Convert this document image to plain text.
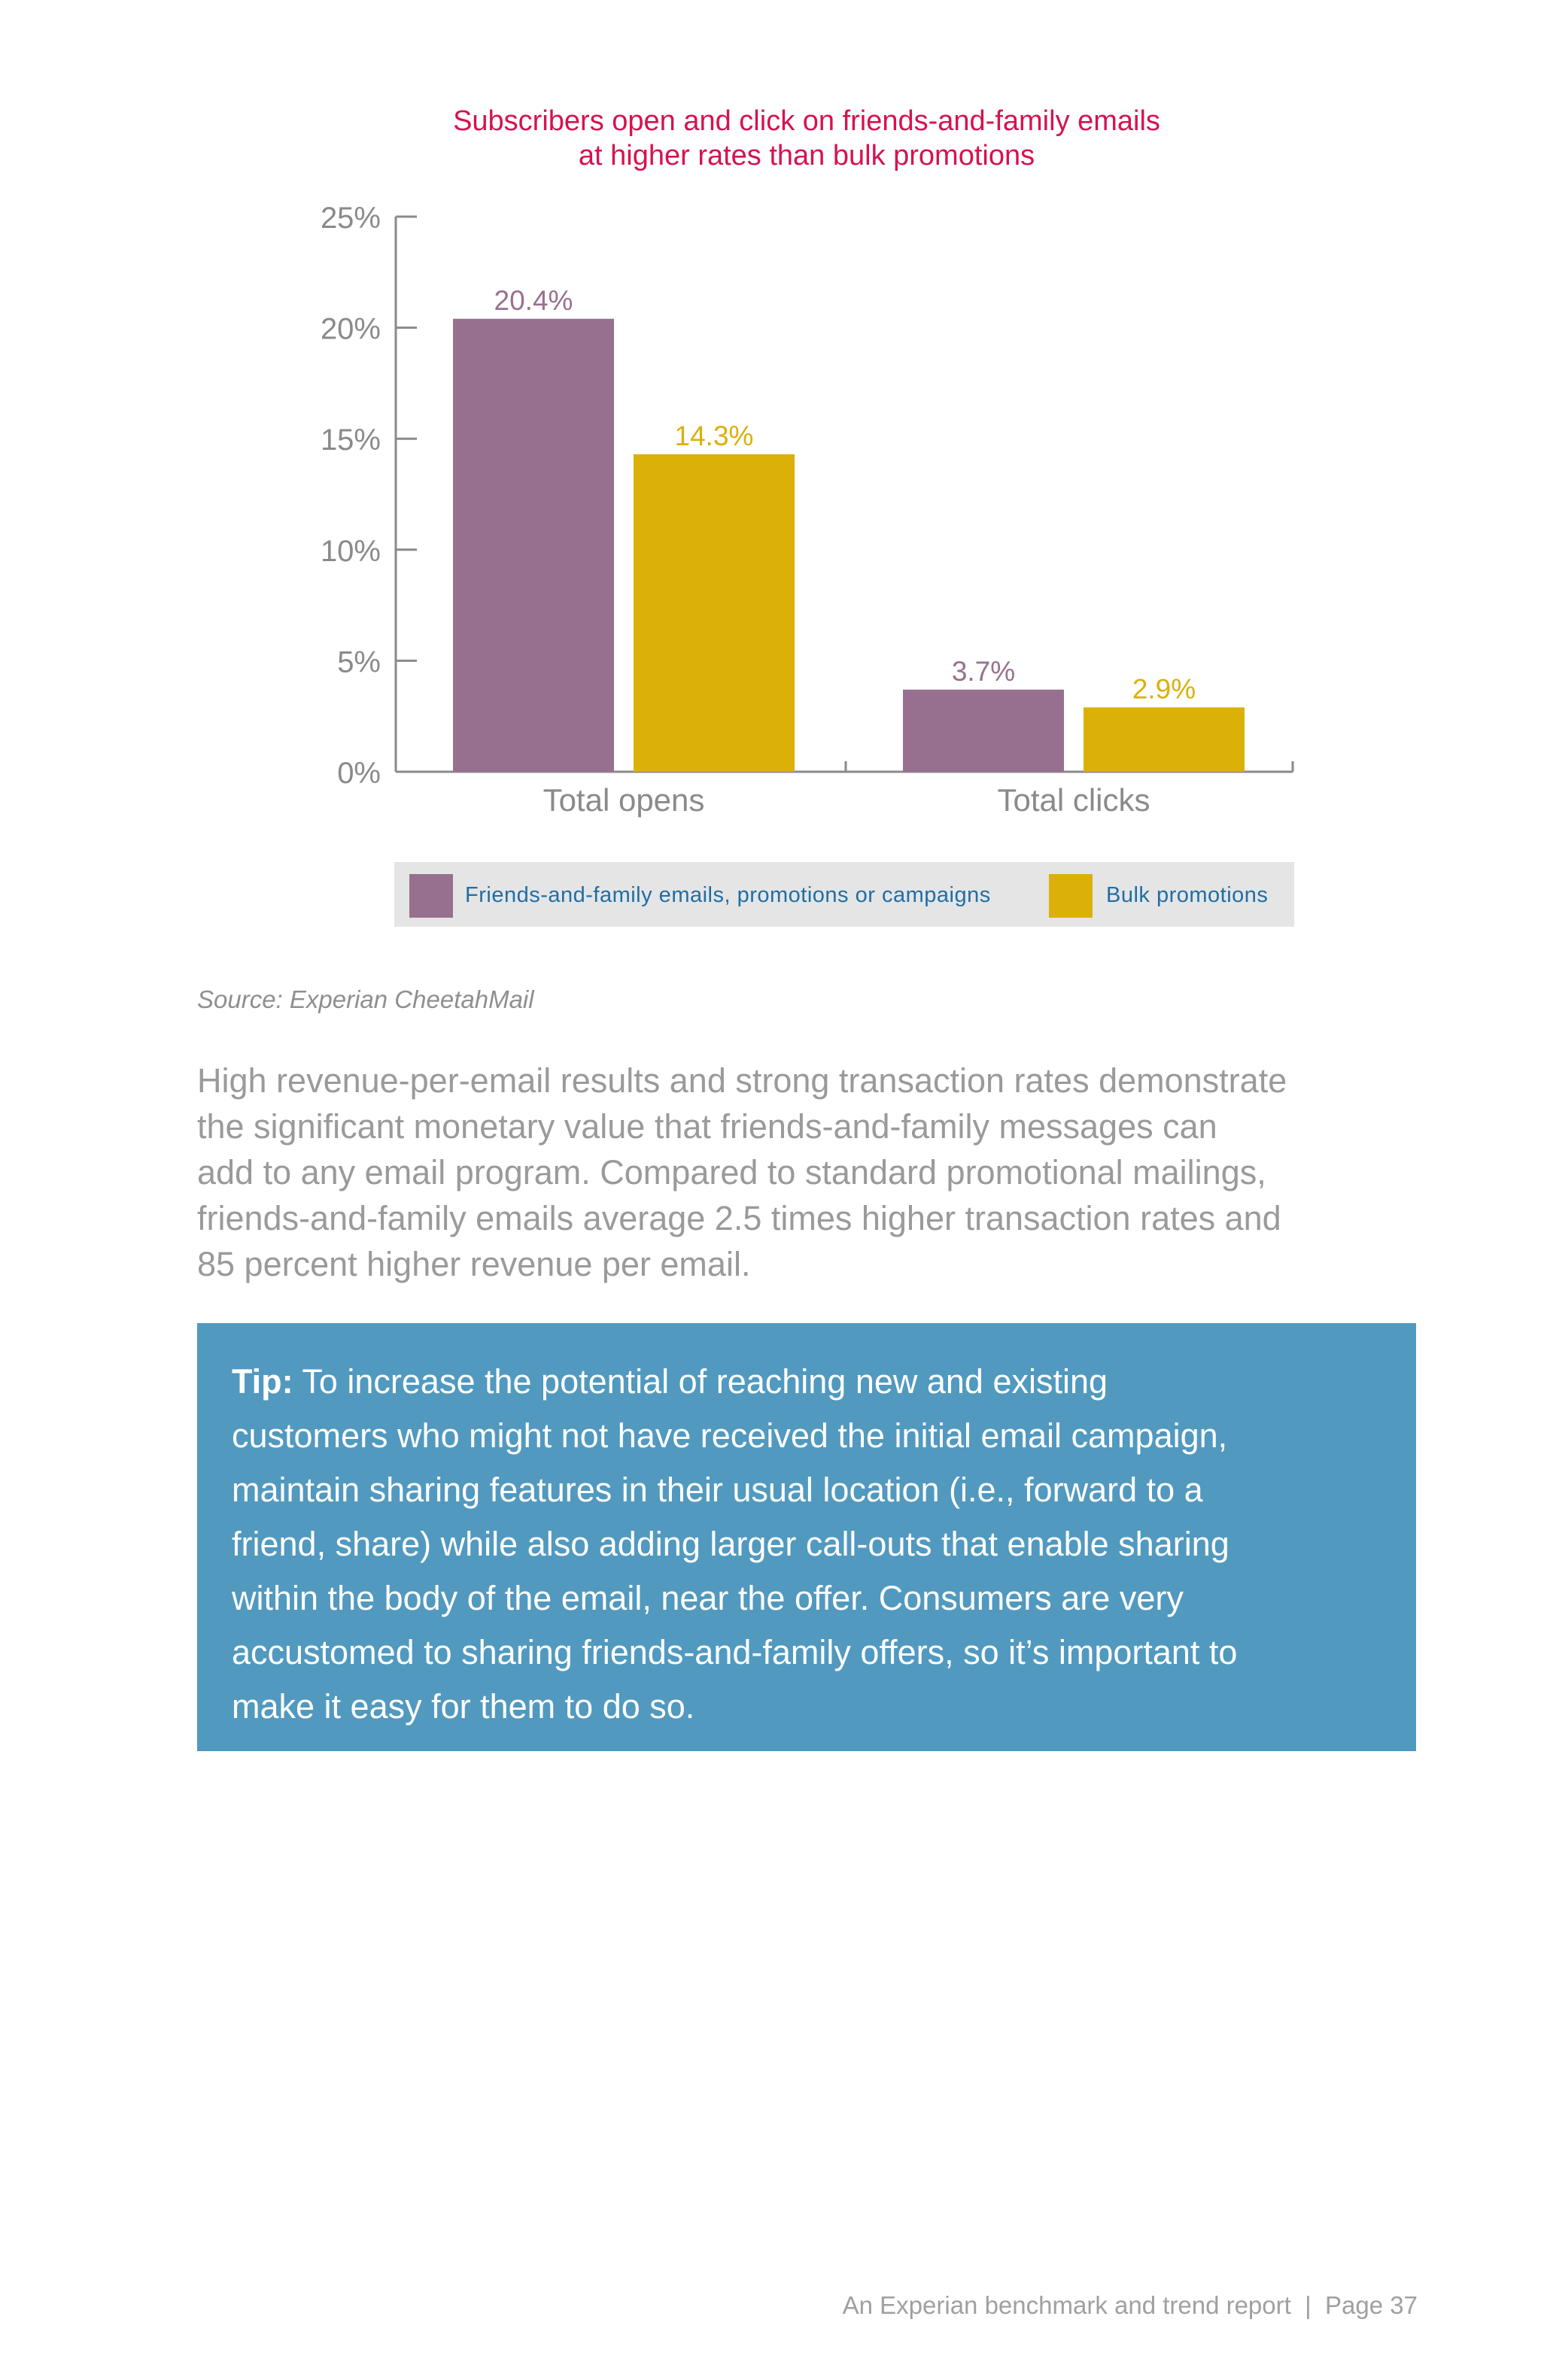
Subscribers open and click on friends-and-family emails
at higher rates than bulk promotions
0%
5%
10%
15%
20%
25%
20.4%
14.3%
Total opens
3.7%
2.9%
Total clicks
Friends-and-family emails, promotions or campaigns	Bulk promotions
Source: Experian CheetahMail
High revenue-per-email results and strong transaction rates demonstrate
the significant monetary value that friends-and-family messages can
add to any email program. Compared to standard promotional mailings,
friends-and-family emails average 2.5 times higher transaction rates and
85 percent higher revenue per email.
Tip: To increase the potential of reaching new and existing
customers who might not have received the initial email campaign,
maintain sharing features in their usual location (i.e., forward to a
friend, share) while also adding larger call-outs that enable sharing
within the body of the email, near the offer. Consumers are very
accustomed to sharing friends-and-family offers, so it’s important to
make it easy for them to do so.
An Experian benchmark and trend report  |  Page 37
